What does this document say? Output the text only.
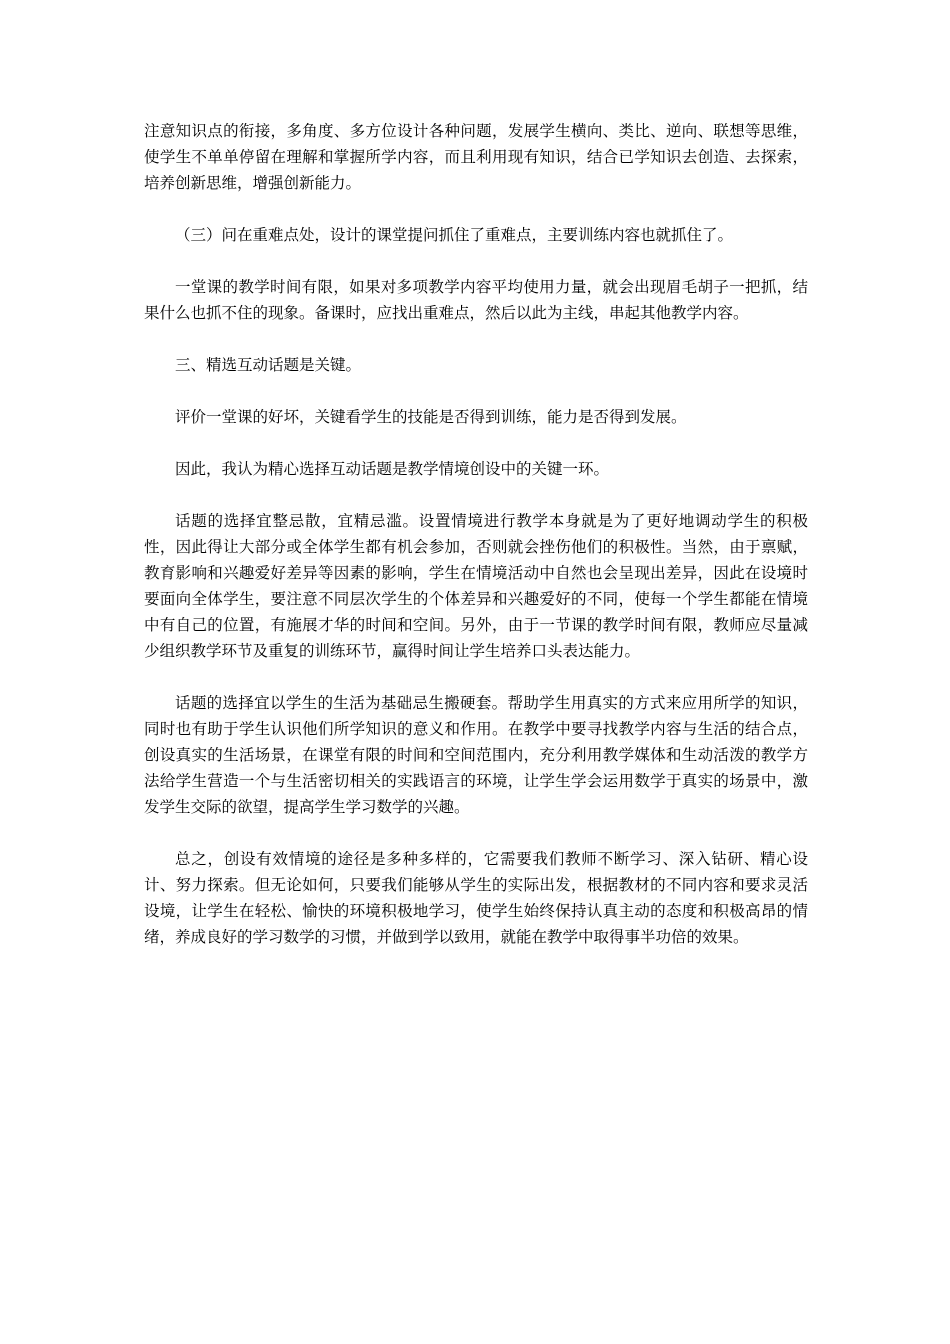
注意知识点的衔接，多角度、多方位设计各种问题，发展学生横向、类比、逆向、联想等思维，使学生不单单停留在理解和掌握所学内容，而且利用现有知识，结合已学知识去创造、去探索，培养创新思维，增强创新能力。

（三）问在重难点处，设计的课堂提问抓住了重难点，主要训练内容也就抓住了。

一堂课的教学时间有限，如果对多项教学内容平均使用力量，就会出现眉毛胡子一把抓，结果什么也抓不住的现象。备课时，应找出重难点，然后以此为主线，串起其他教学内容。

三、精选互动话题是关键。

评价一堂课的好坏，关键看学生的技能是否得到训练，能力是否得到发展。

因此，我认为精心选择互动话题是教学情境创设中的关键一环。

话题的选择宜整忌散，宜精忌滥。设置情境进行教学本身就是为了更好地调动学生的积极性，因此得让大部分或全体学生都有机会参加，否则就会挫伤他们的积极性。当然，由于禀赋，教育影响和兴趣爱好差异等因素的影响，学生在情境活动中自然也会呈现出差异，因此在设境时要面向全体学生，要注意不同层次学生的个体差异和兴趣爱好的不同，使每一个学生都能在情境中有自己的位置，有施展才华的时间和空间。另外，由于一节课的教学时间有限，教师应尽量减少组织教学环节及重复的训练环节，赢得时间让学生培养口头表达能力。

话题的选择宜以学生的生活为基础忌生搬硬套。帮助学生用真实的方式来应用所学的知识，同时也有助于学生认识他们所学知识的意义和作用。在教学中要寻找教学内容与生活的结合点，创设真实的生活场景，在课堂有限的时间和空间范围内，充分利用教学媒体和生动活泼的教学方法给学生营造一个与生活密切相关的实践语言的环境，让学生学会运用数学于真实的场景中，激发学生交际的欲望，提高学生学习数学的兴趣。

总之，创设有效情境的途径是多种多样的，它需要我们教师不断学习、深入钻研、精心设计、努力探索。但无论如何，只要我们能够从学生的实际出发，根据教材的不同内容和要求灵活设境，让学生在轻松、愉快的环境积极地学习，使学生始终保持认真主动的态度和积极高昂的情绪，养成良好的学习数学的习惯，并做到学以致用，就能在教学中取得事半功倍的效果。
